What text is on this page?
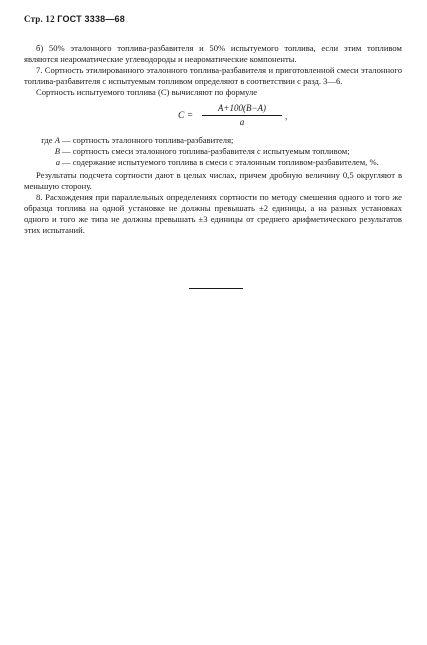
Стр. 12 ГОСТ 3338—68

б) 50% эталонного топлива-разбавителя и 50% испытуемого топлива, если этим топливом являются неароматические углеводороды и неароматические компоненты.

7. Сортность этилированного эталонного топлива-разбавителя и приготовленной смеси эталонного топлива-разбавителя с испытуемым топливом определяют в соответствии с разд. 3—6.

Сортность испытуемого топлива (С) вычисляют по формуле

$C = \frac{A+100(B-A)}{a}$ ,
где A — сортность эталонного топлива-разбавителя;
B — сортность смеси эталонного топлива-разбавителя с испытуемым топливом;
a — содержание испытуемого топлива в смеси с эталонным топливом-разбавителем, %.

Результаты подсчета сортности дают в целых числах, причем дробную величину 0,5 округляют в меньшую сторону.

8. Расхождения при параллельных определениях сортности по методу смешения одного и того же образца топлива на одной установке не должны превышать ±2 единицы, а на разных установках одного и того же типа не должны превышать ±3 единицы от среднего арифметического результатов этих испытаний.
